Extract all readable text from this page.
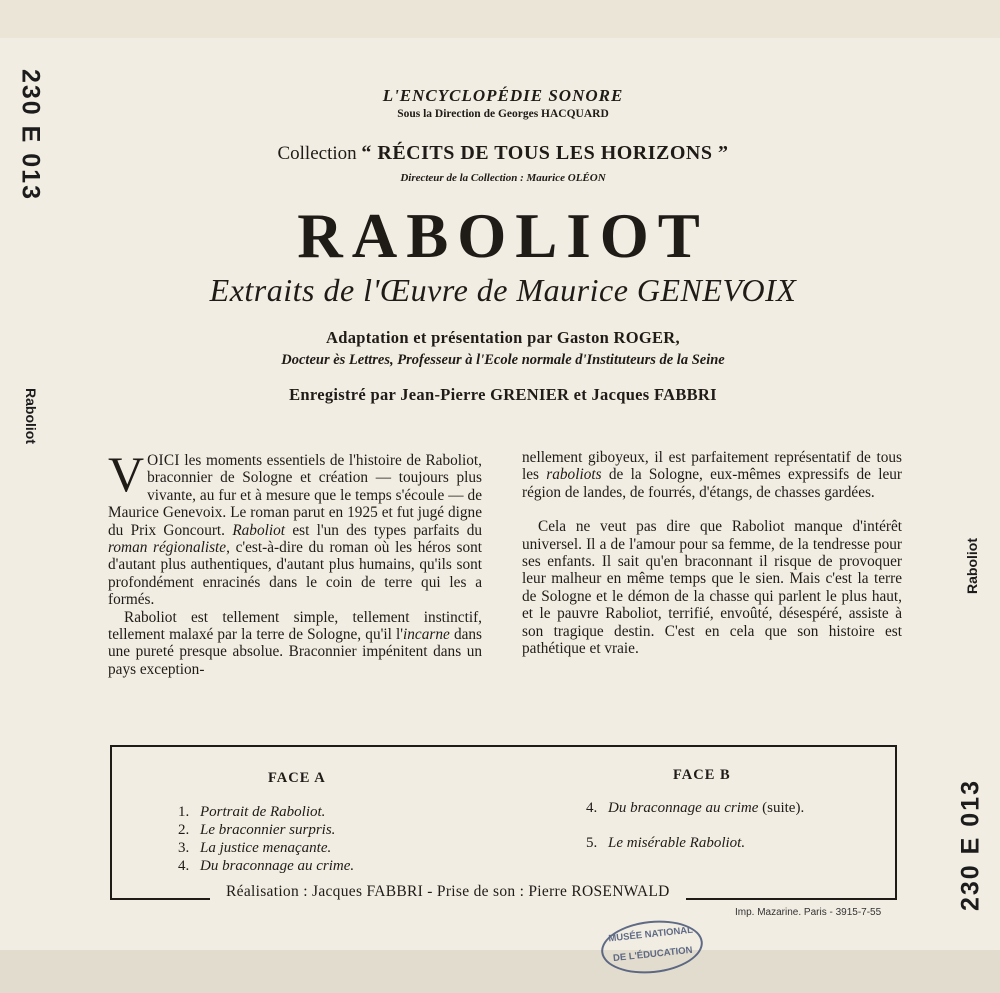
230 E 013
Raboliot
Raboliot
230 E 013
L'ENCYCLOPÉDIE SONORE
Sous la Direction de Georges HACQUARD
Collection “ RÉCITS DE TOUS LES HORIZONS ”
Directeur de la Collection : Maurice OLÉON
RABOLIOT
Extraits de l'Œuvre de Maurice GENEVOIX
Adaptation et présentation par Gaston ROGER,
Docteur ès Lettres, Professeur à l'Ecole normale d'Instituteurs de la Seine
Enregistré par Jean-Pierre GRENIER et Jacques FABBRI

VOICI les moments essentiels de l'histoire de Raboliot, braconnier de Sologne et création — toujours plus vivante, au fur et à mesure que le temps s'écoule — de Maurice Genevoix. Le roman parut en 1925 et fut jugé digne du Prix Goncourt. Raboliot est l'un des types parfaits du roman régionaliste, c'est-à-dire du roman où les héros sont d'autant plus authentiques, d'autant plus humains, qu'ils sont profondément enracinés dans le coin de terre qui les a formés.

Raboliot est tellement simple, tellement instinctif, tellement malaxé par la terre de Sologne, qu'il l'incarne dans une pureté presque absolue. Braconnier impénitent dans un pays exception-

nellement giboyeux, il est parfaitement représentatif de tous les raboliots de la Sologne, eux-mêmes expressifs de leur région de landes, de fourrés, d'étangs, de chasses gardées.

Cela ne veut pas dire que Raboliot manque d'intérêt universel. Il a de l'amour pour sa femme, de la tendresse pour ses enfants. Il sait qu'en braconnant il risque de provoquer leur malheur en même temps que le sien. Mais c'est la terre de Sologne et le démon de la chasse qui parlent le plus haut, et le pauvre Raboliot, terrifié, envoûté, désespéré, assiste à son tragique destin. C'est en cela que son histoire est pathétique et vraie.

FACE A	FACE B
1. Portrait de Raboliot.
2. Le braconnier surpris.
3. La justice menaçante.
4. Du braconnage au crime.
4. Du braconnage au crime (suite).
5. Le misérable Raboliot.
Réalisation : Jacques FABBRI - Prise de son : Pierre ROSENWALD
Imp. Mazarine. Paris - 3915-7-55
MUSÉE NATIONAL
DE L'ÉDUCATION
